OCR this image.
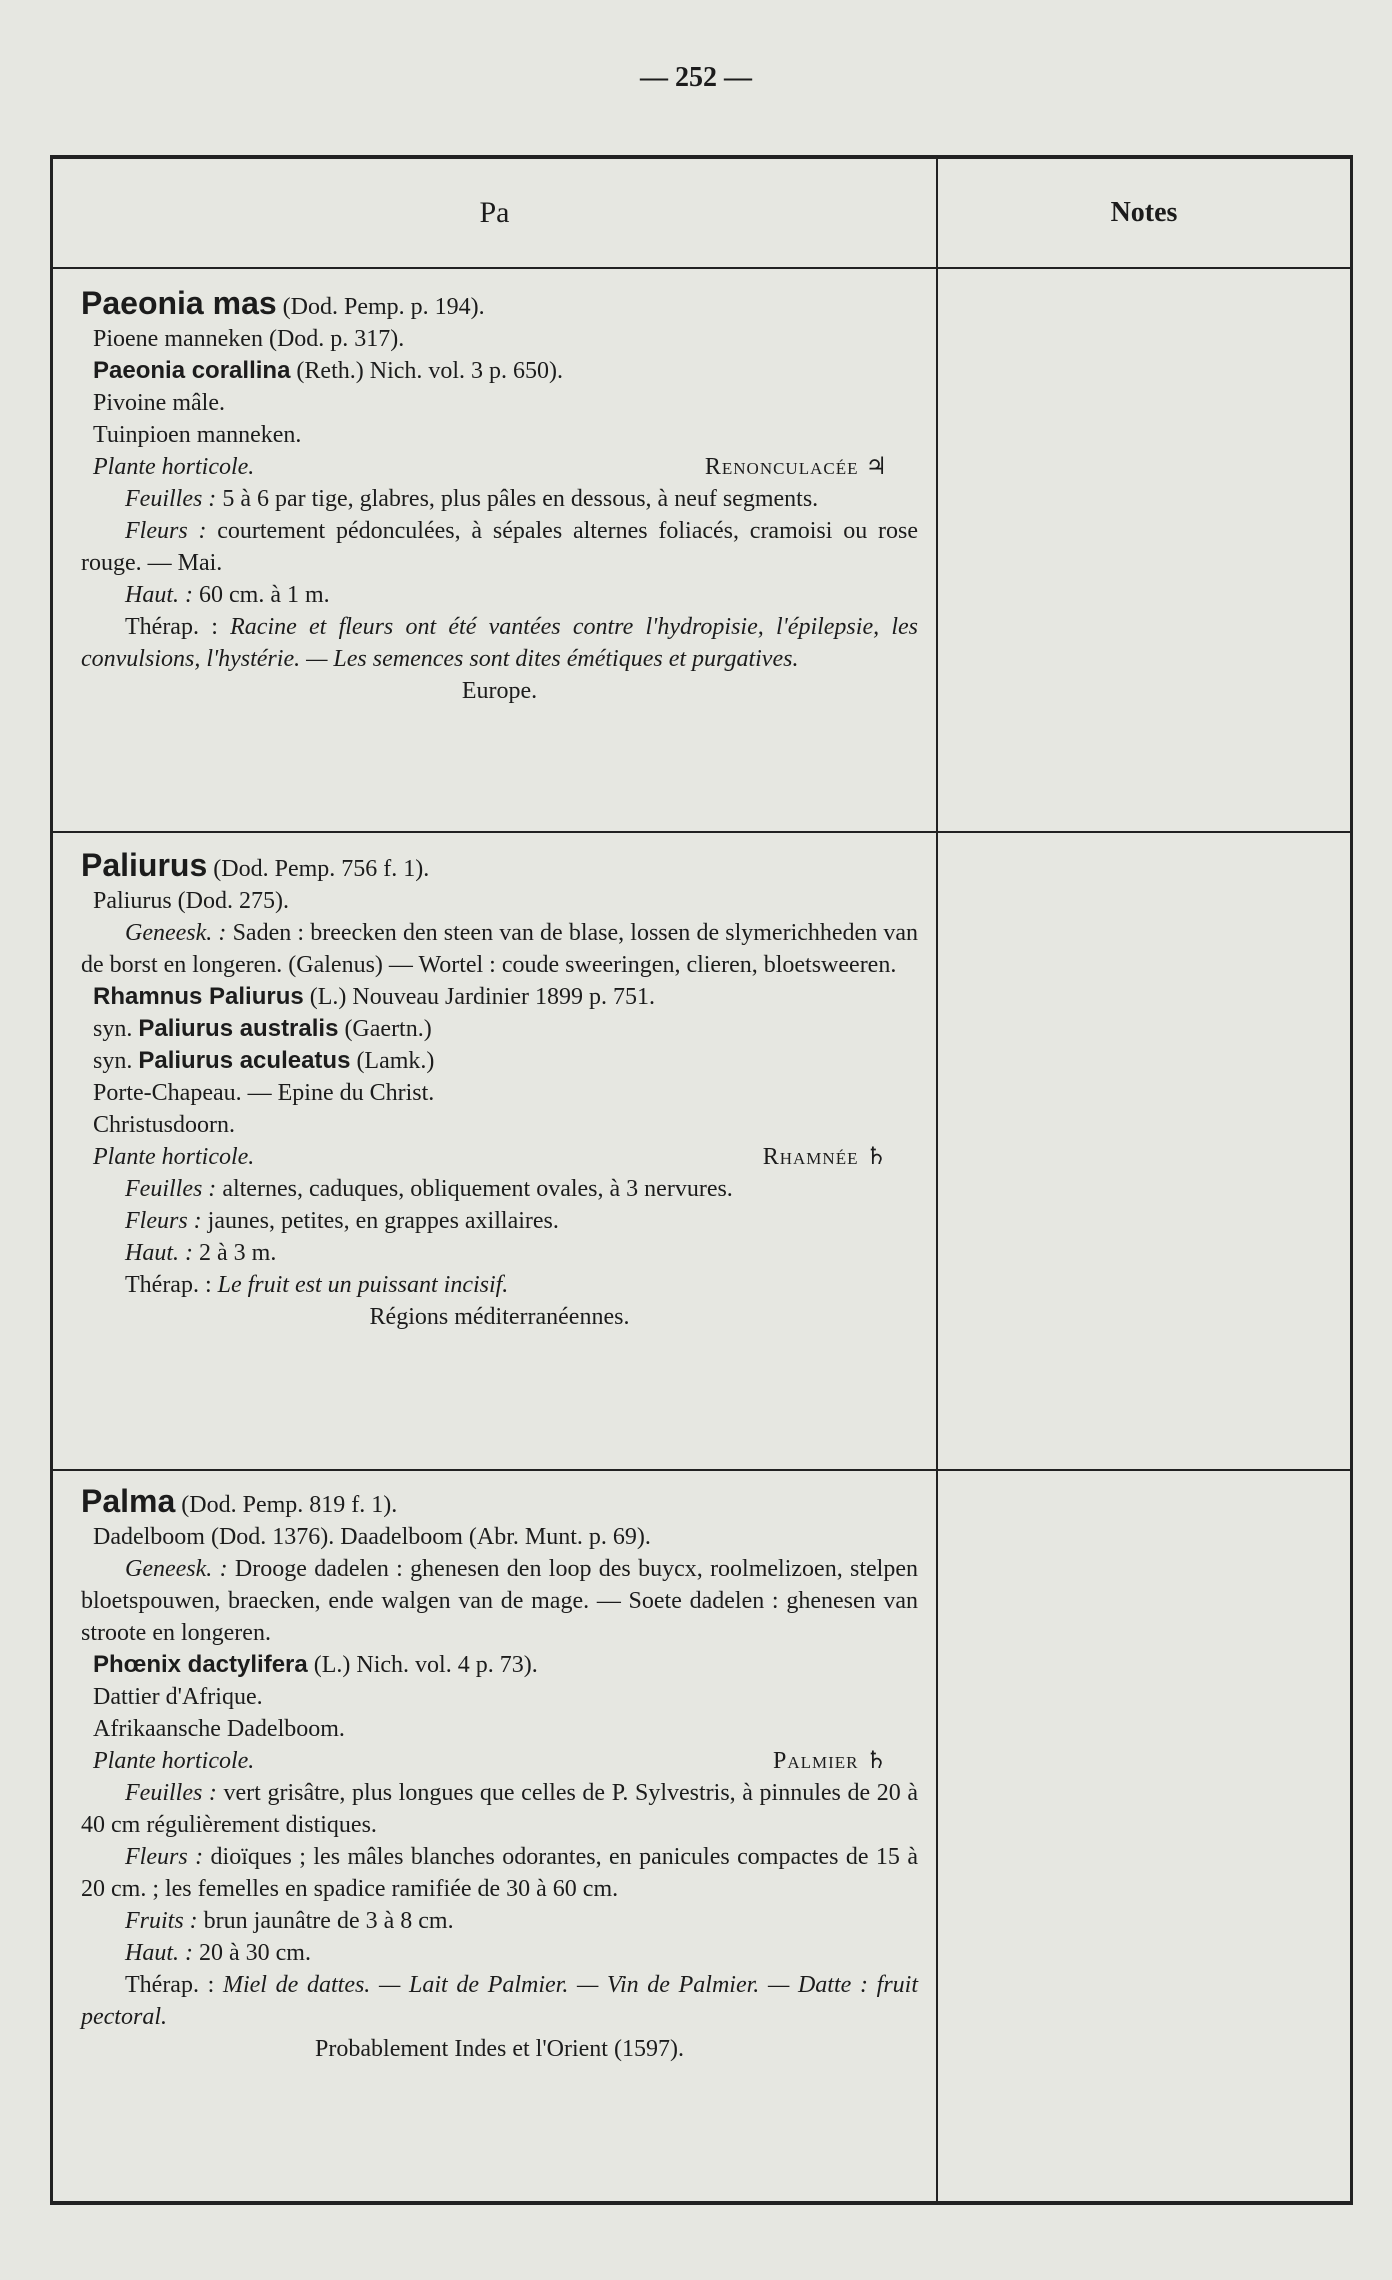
— 252 —
Pa	Notes
Paeonia mas (Dod. Pemp. p. 194).
Pioene manneken (Dod. p. 317).
Paeonia corallina (Reth.) Nich. vol. 3 p. 650).
Pivoine mâle.
Tuinpioen manneken.
Plante horticole.	Renonculacée ♃
Feuilles : 5 à 6 par tige, glabres, plus pâles en dessous, à neuf segments.
Fleurs : courtement pédonculées, à sépales alternes foliacés, cramoisi ou rose rouge. — Mai.
Haut. : 60 cm. à 1 m.
Thérap. : Racine et fleurs ont été vantées contre l'hydropisie, l'épilepsie, les convulsions, l'hystérie. — Les semences sont dites émétiques et purgatives.
Europe.
Paliurus (Dod. Pemp. 756 f. 1).
Paliurus (Dod. 275).
Geneesk. : Saden : breecken den steen van de blase, lossen de slymerichheden van de borst en longeren. (Galenus) — Wortel : coude sweeringen, clieren, bloetsweeren.
Rhamnus Paliurus (L.) Nouveau Jardinier 1899 p. 751.
syn. Paliurus australis (Gaertn.)
syn. Paliurus aculeatus (Lamk.)
Porte-Chapeau. — Epine du Christ.
Christusdoorn.
Plante horticole.	Rhamnée ♄
Feuilles : alternes, caduques, obliquement ovales, à 3 nervures.
Fleurs : jaunes, petites, en grappes axillaires.
Haut. : 2 à 3 m.
Thérap. : Le fruit est un puissant incisif.
Régions méditerranéennes.
Palma (Dod. Pemp. 819 f. 1).
Dadelboom (Dod. 1376). Daadelboom (Abr. Munt. p. 69).
Geneesk. : Drooge dadelen : ghenesen den loop des buycx, roolmelizoen, stelpen bloetspouwen, braecken, ende walgen van de mage. — Soete dadelen : ghenesen van stroote en longeren.
Phœnix dactylifera (L.) Nich. vol. 4 p. 73).
Dattier d'Afrique.
Afrikaansche Dadelboom.
Plante horticole.	Palmier ♄
Feuilles : vert grisâtre, plus longues que celles de P. Sylvestris, à pinnules de 20 à 40 cm régulièrement distiques.
Fleurs : dioïques ; les mâles blanches odorantes, en panicules compactes de 15 à 20 cm. ; les femelles en spadice ramifiée de 30 à 60 cm.
Fruits : brun jaunâtre de 3 à 8 cm.
Haut. : 20 à 30 cm.
Thérap. : Miel de dattes. — Lait de Palmier. — Vin de Palmier. — Datte : fruit pectoral.
Probablement Indes et l'Orient (1597).
